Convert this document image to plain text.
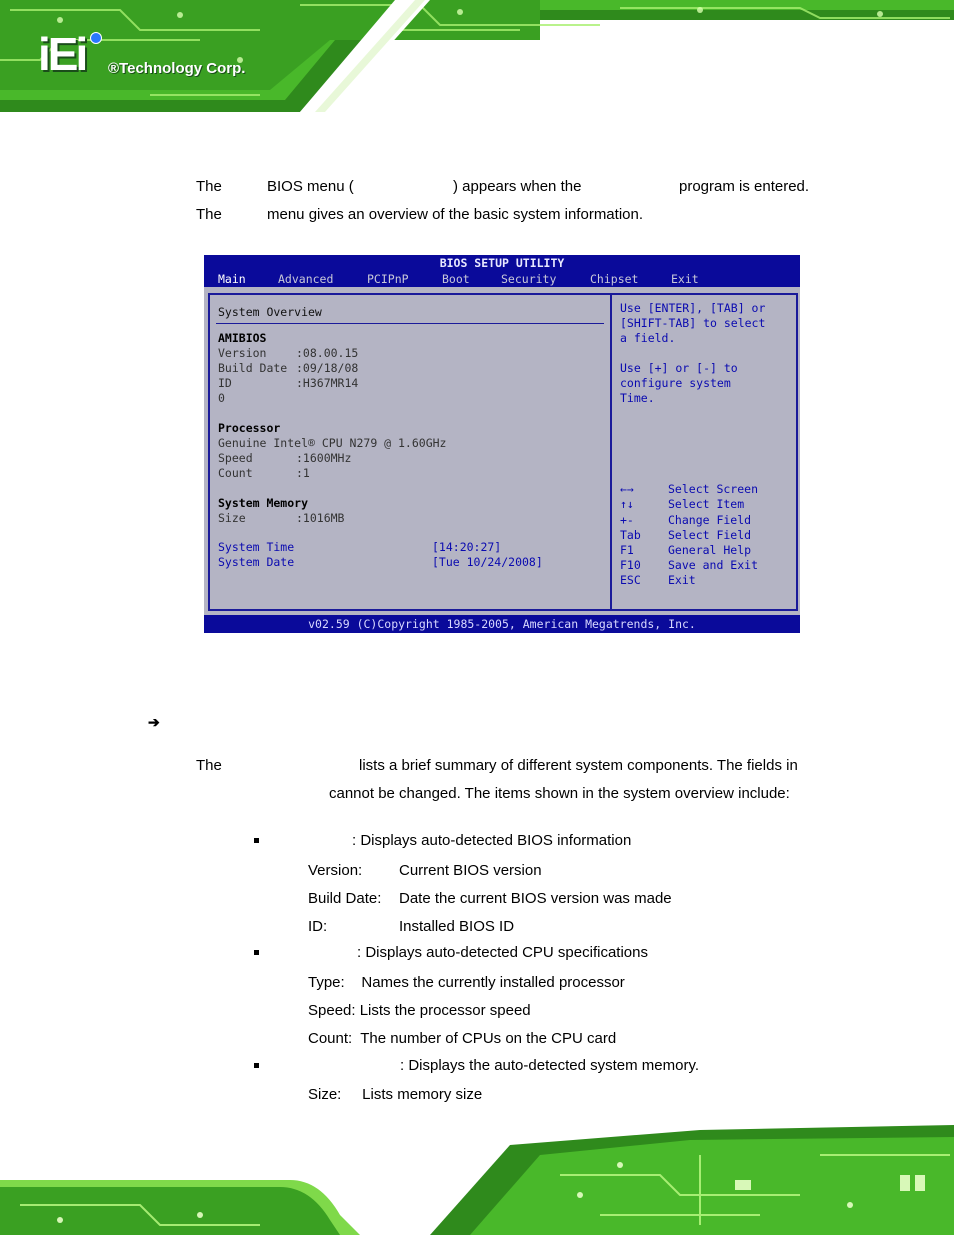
iEi ®Technology Corp.
The	BIOS menu (	) appears when the	program is entered.
The	menu gives an overview of the basic system information.
BIOS SETUP UTILITY
Main	Advanced	PCIPnP	Boot	Security	Chipset	Exit
System Overview
AMIBIOS
Version	:08.00.15
Build Date :09/18/08
ID	:H367MR14
0
Processor
Genuine Intel® CPU N279 @ 1.60GHz
Speed	:1600MHz
Count	:1
System Memory
Size	:1016MB
System Time	[14:20:27]
System Date	[Tue 10/24/2008]
Use [ENTER], [TAB] or
[SHIFT-TAB] to select
a field.
Use [+] or [-] to
configure system
Time.
←→	Select Screen
↑↓	Select Item
+-	Change Field
Tab Select Field
F1	General Help
F10 Save and Exit
ESC Exit
v02.59 (C)Copyright 1985-2005, American Megatrends, Inc.
➔
The	lists a brief summary of different system components. The fields in
cannot be changed. The items shown in the system overview include:
: Displays auto-detected BIOS information
Version: Current BIOS version
Build Date: Date the current BIOS version was made
ID:	Installed BIOS ID
: Displays auto-detected CPU specifications
Type:    Names the currently installed processor
Speed: Lists the processor speed
Count:  The number of CPUs on the CPU card
: Displays the auto-detected system memory.
Size:     Lists memory size
